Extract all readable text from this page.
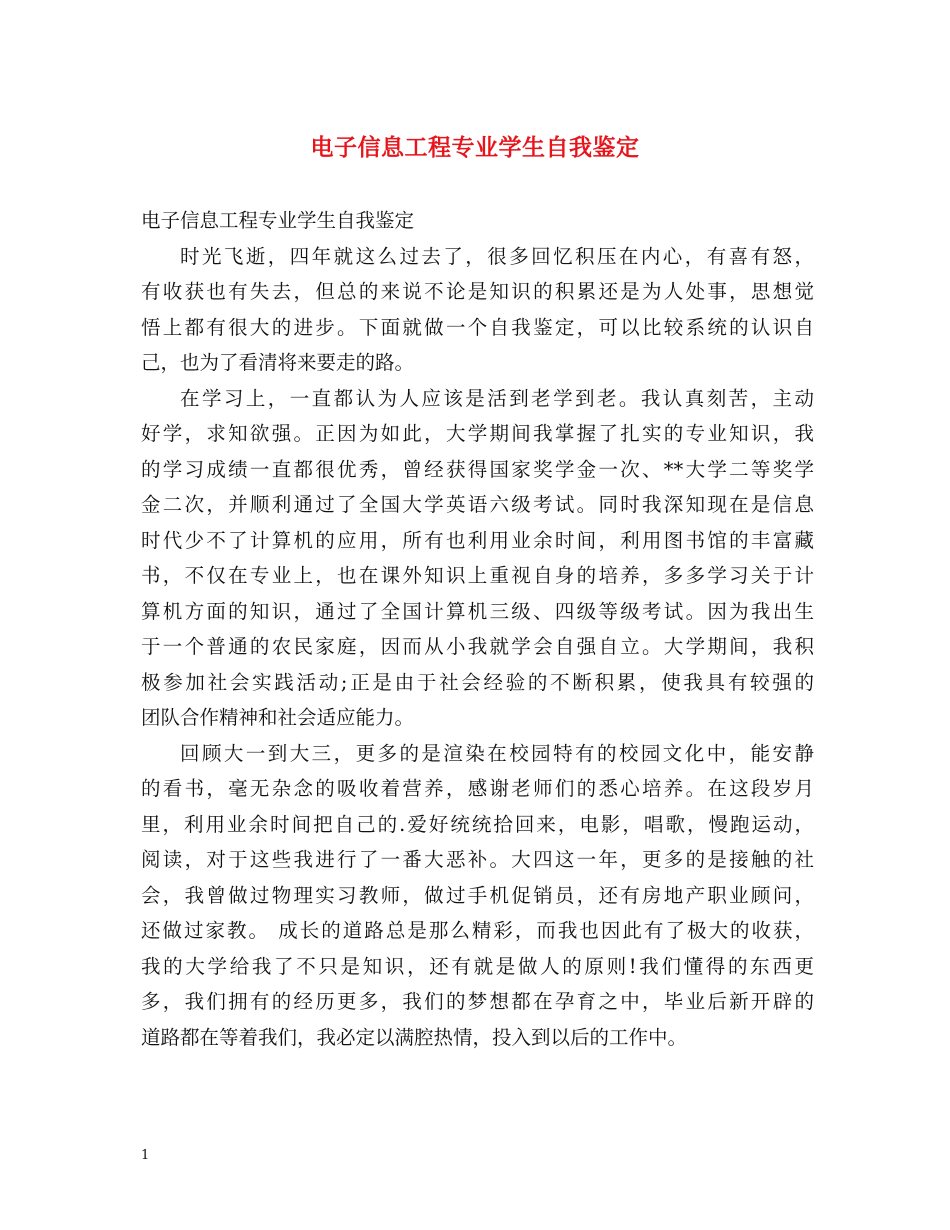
电子信息工程专业学生自我鉴定

电子信息工程专业学生自我鉴定

时光飞逝，四年就这么过去了，很多回忆积压在内心，有喜有怒，
有收获也有失去，但总的来说不论是知识的积累还是为人处事，思想觉
悟上都有很大的进步。下面就做一个自我鉴定，可以比较系统的认识自
己，也为了看清将来要走的路。
在学习上，一直都认为人应该是活到老学到老。我认真刻苦，主动
好学，求知欲强。正因为如此，大学期间我掌握了扎实的专业知识，我
的学习成绩一直都很优秀，曾经获得国家奖学金一次、**大学二等奖学
金二次，并顺利通过了全国大学英语六级考试。同时我深知现在是信息
时代少不了计算机的应用，所有也利用业余时间，利用图书馆的丰富藏
书，不仅在专业上，也在课外知识上重视自身的培养，多多学习关于计
算机方面的知识，通过了全国计算机三级、四级等级考试。因为我出生
于一个普通的农民家庭，因而从小我就学会自强自立。大学期间，我积
极参加社会实践活动;正是由于社会经验的不断积累，使我具有较强的
团队合作精神和社会适应能力。
回顾大一到大三，更多的是渲染在校园特有的校园文化中，能安静
的看书，毫无杂念的吸收着营养，感谢老师们的悉心培养。在这段岁月
里，利用业余时间把自己的.爱好统统拾回来，电影，唱歌，慢跑运动，
阅读，对于这些我进行了一番大恶补。大四这一年，更多的是接触的社
会，我曾做过物理实习教师，做过手机促销员，还有房地产职业顾问，
还做过家教。 成长的道路总是那么精彩，而我也因此有了极大的收获，
我的大学给我了不只是知识，还有就是做人的原则!我们懂得的东西更
多，我们拥有的经历更多，我们的梦想都在孕育之中，毕业后新开辟的
道路都在等着我们，我必定以满腔热情，投入到以后的工作中。
1
